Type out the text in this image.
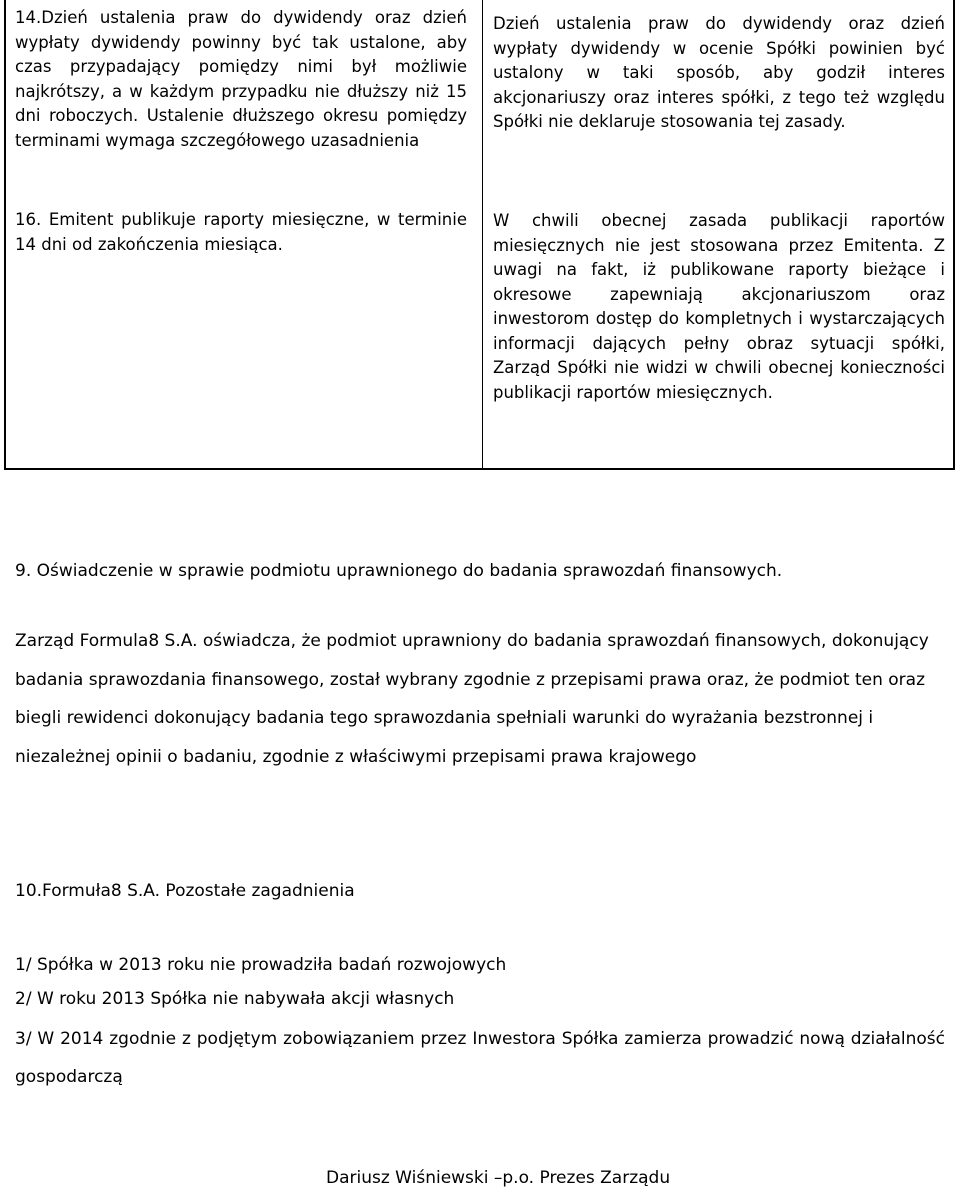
14.Dzień ustalenia praw do dywidendy oraz dzień wypłaty dywidendy powinny być tak ustalone, aby czas przypadający pomiędzy nimi był możliwie najkrótszy, a w każdym przypadku nie dłuższy niż 15 dni roboczych. Ustalenie dłuższego okresu pomiędzy terminami wymaga szczegółowego uzasadnienia

Dzień ustalenia praw do dywidendy oraz dzień wypłaty dywidendy w ocenie Spółki powinien być ustalony w taki sposób, aby godził interes akcjonariuszy oraz interes spółki, z tego też względu Spółki nie deklaruje stosowania tej zasady.

16. Emitent publikuje raporty miesięczne, w terminie 14 dni od zakończenia miesiąca.

W chwili obecnej zasada publikacji raportów miesięcznych nie jest stosowana przez Emitenta. Z uwagi na fakt, iż publikowane raporty bieżące i okresowe zapewniają akcjonariuszom oraz inwestorom dostęp do kompletnych i wystarczających informacji dających pełny obraz sytuacji spółki, Zarząd Spółki nie widzi w chwili obecnej konieczności publikacji raportów miesięcznych.

9. Oświadczenie w sprawie podmiotu uprawnionego do badania sprawozdań finansowych.

Zarząd Formula8 S.A. oświadcza, że podmiot uprawniony do badania sprawozdań finansowych, dokonujący badania sprawozdania finansowego, został wybrany zgodnie z przepisami prawa oraz, że podmiot ten oraz biegli rewidenci dokonujący badania tego sprawozdania spełniali warunki do wyrażania bezstronnej i niezależnej opinii o badaniu, zgodnie z właściwymi przepisami prawa krajowego

10.Formuła8 S.A. Pozostałe zagadnienia

1/ Spółka w 2013 roku nie prowadziła badań rozwojowych

2/ W roku 2013 Spółka nie nabywała akcji własnych

3/ W 2014 zgodnie z podjętym zobowiązaniem przez Inwestora Spółka zamierza prowadzić nową działalność gospodarczą

Dariusz Wiśniewski –p.o. Prezes Zarządu
